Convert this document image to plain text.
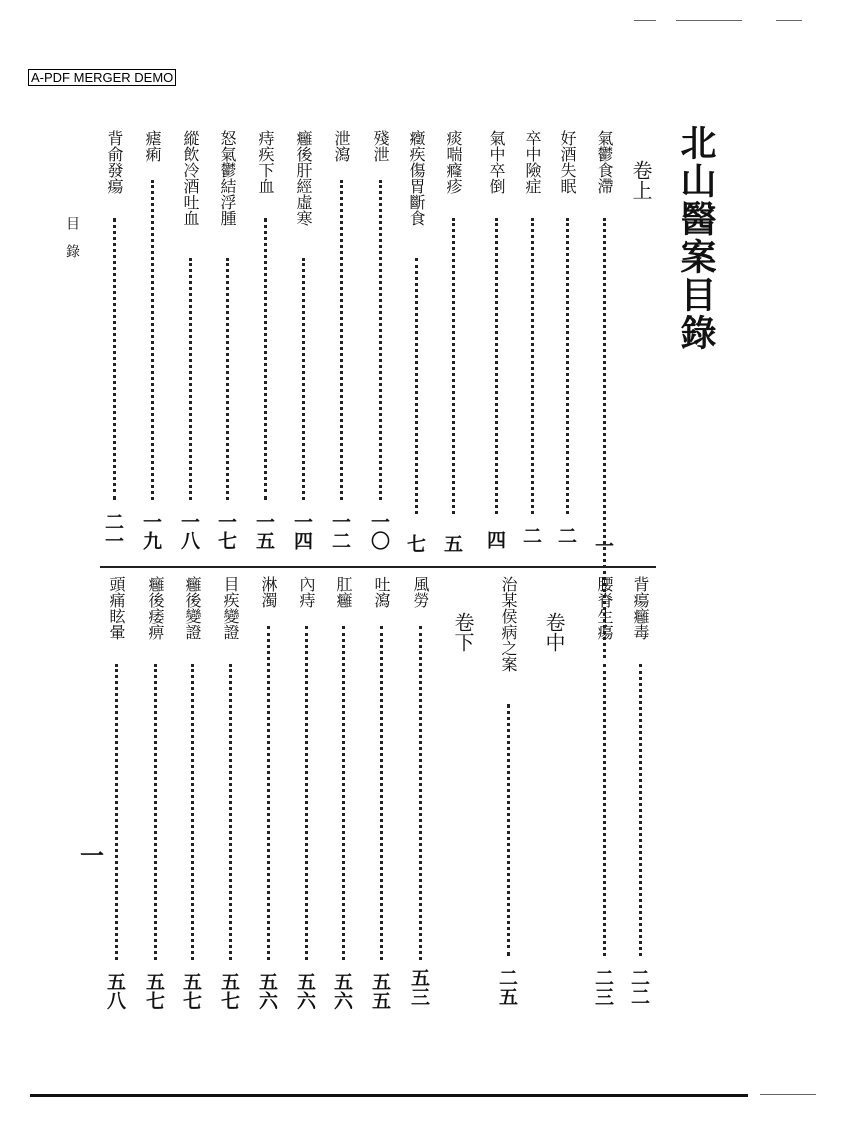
A-PDF MERGER DEMO
北山醫案目錄
卷上
卷中
卷下
氣鬱食滯
一
好酒失眠
二
卒中險症
二
氣中卒倒
四
痰喘癃疹
五
癥疾傷胃斷食
七
殘泄
一〇
泄瀉
一二
癰後肝經虛寒
一四
痔疾下血
一五
怒氣鬱結浮腫
一七
縱飲冷酒吐血
一八
瘧痢
一九
背俞發瘍
二一
背瘍癰毒
二二
腰脊生瘍
二三
治某侯病之案
二五
風勞
五三
吐瀉
五五
肛癰
五六
內痔
五六
淋濁
五六
目疾變證
五七
癰後變證
五七
癰後痿痹
五七
頭痛眩暈
五八
目　錄
一
